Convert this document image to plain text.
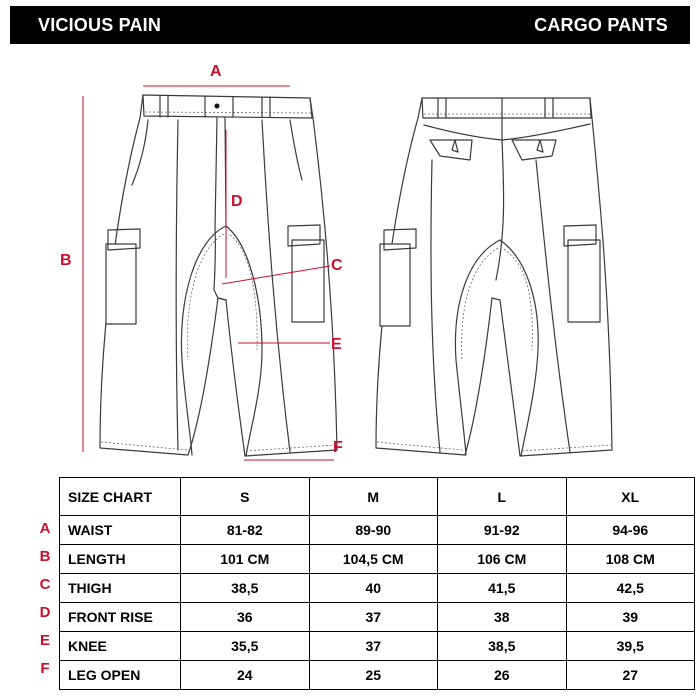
VICIOUS PAIN	CARGO PANTS
A
B	C
D
E
F
A
B
C
D
E
F
SIZE CHART	S	M	L	XL
WAIST	81-82	89-90	91-92	94-96
LENGTH	101 CM	104,5 CM	106 CM	108 CM
THIGH	38,5	40	41,5	42,5
FRONT RISE	36	37	38	39
KNEE	35,5	37	38,5	39,5
LEG OPEN	24	25	26	27
